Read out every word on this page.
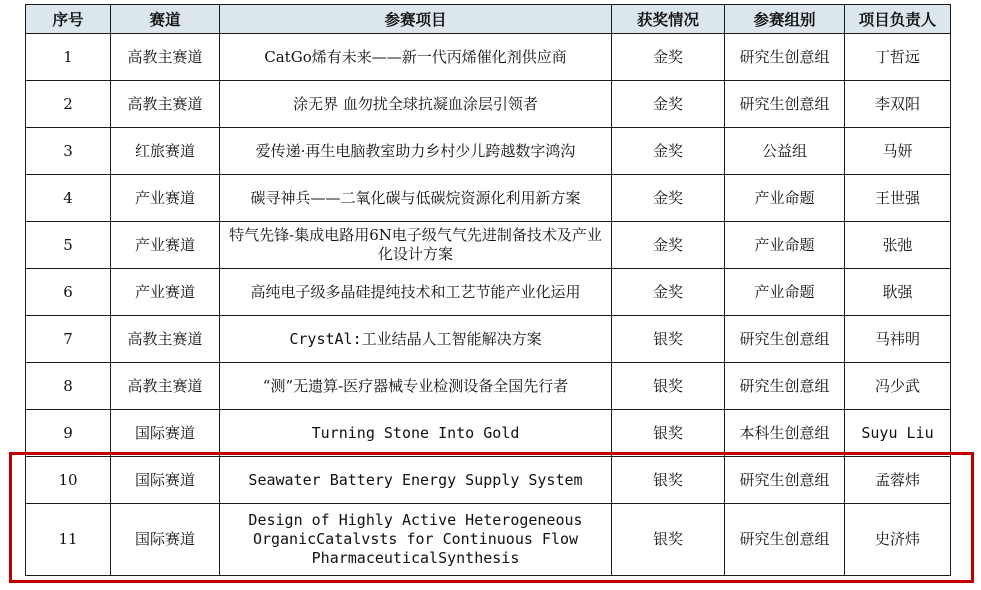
序号	赛道	参赛项目	获奖情况	参赛组别	项目负责人
1	高教主赛道	CatGo烯有未来——新一代丙烯催化剂供应商	金奖	研究生创意组	丁哲远
2	高教主赛道	涂无界 血勿扰全球抗凝血涂层引领者	金奖	研究生创意组	李双阳
3	红旅赛道	爱传递·再生电脑教室助力乡村少儿跨越数字鸿沟	金奖	公益组	马妍
4	产业赛道	碳寻神兵——二氧化碳与低碳烷资源化利用新方案	金奖	产业命题	王世强
5	产业赛道	特气先锋-集成电路用6N电子级气气先进制备技术及产业化设计方案	金奖	产业命题	张弛
6	产业赛道	高纯电子级多晶硅提纯技术和工艺节能产业化运用	金奖	产业命题	耿强
7	高教主赛道	CrystAl:工业结晶人工智能解决方案	银奖	研究生创意组	马祎明
8	高教主赛道	“测”无遗算-医疗器械专业检测设备全国先行者	银奖	研究生创意组	冯少武
9	国际赛道	Turning Stone Into Gold	银奖	本科生创意组	Suyu Liu
10	国际赛道	Seawater Battery Energy Supply System	银奖	研究生创意组	孟蓉炜
11	国际赛道	Design of Highly Active Heterogeneous OrganicCatalvsts for Continuous Flow PharmaceuticalSynthesis	银奖	研究生创意组	史济炜
